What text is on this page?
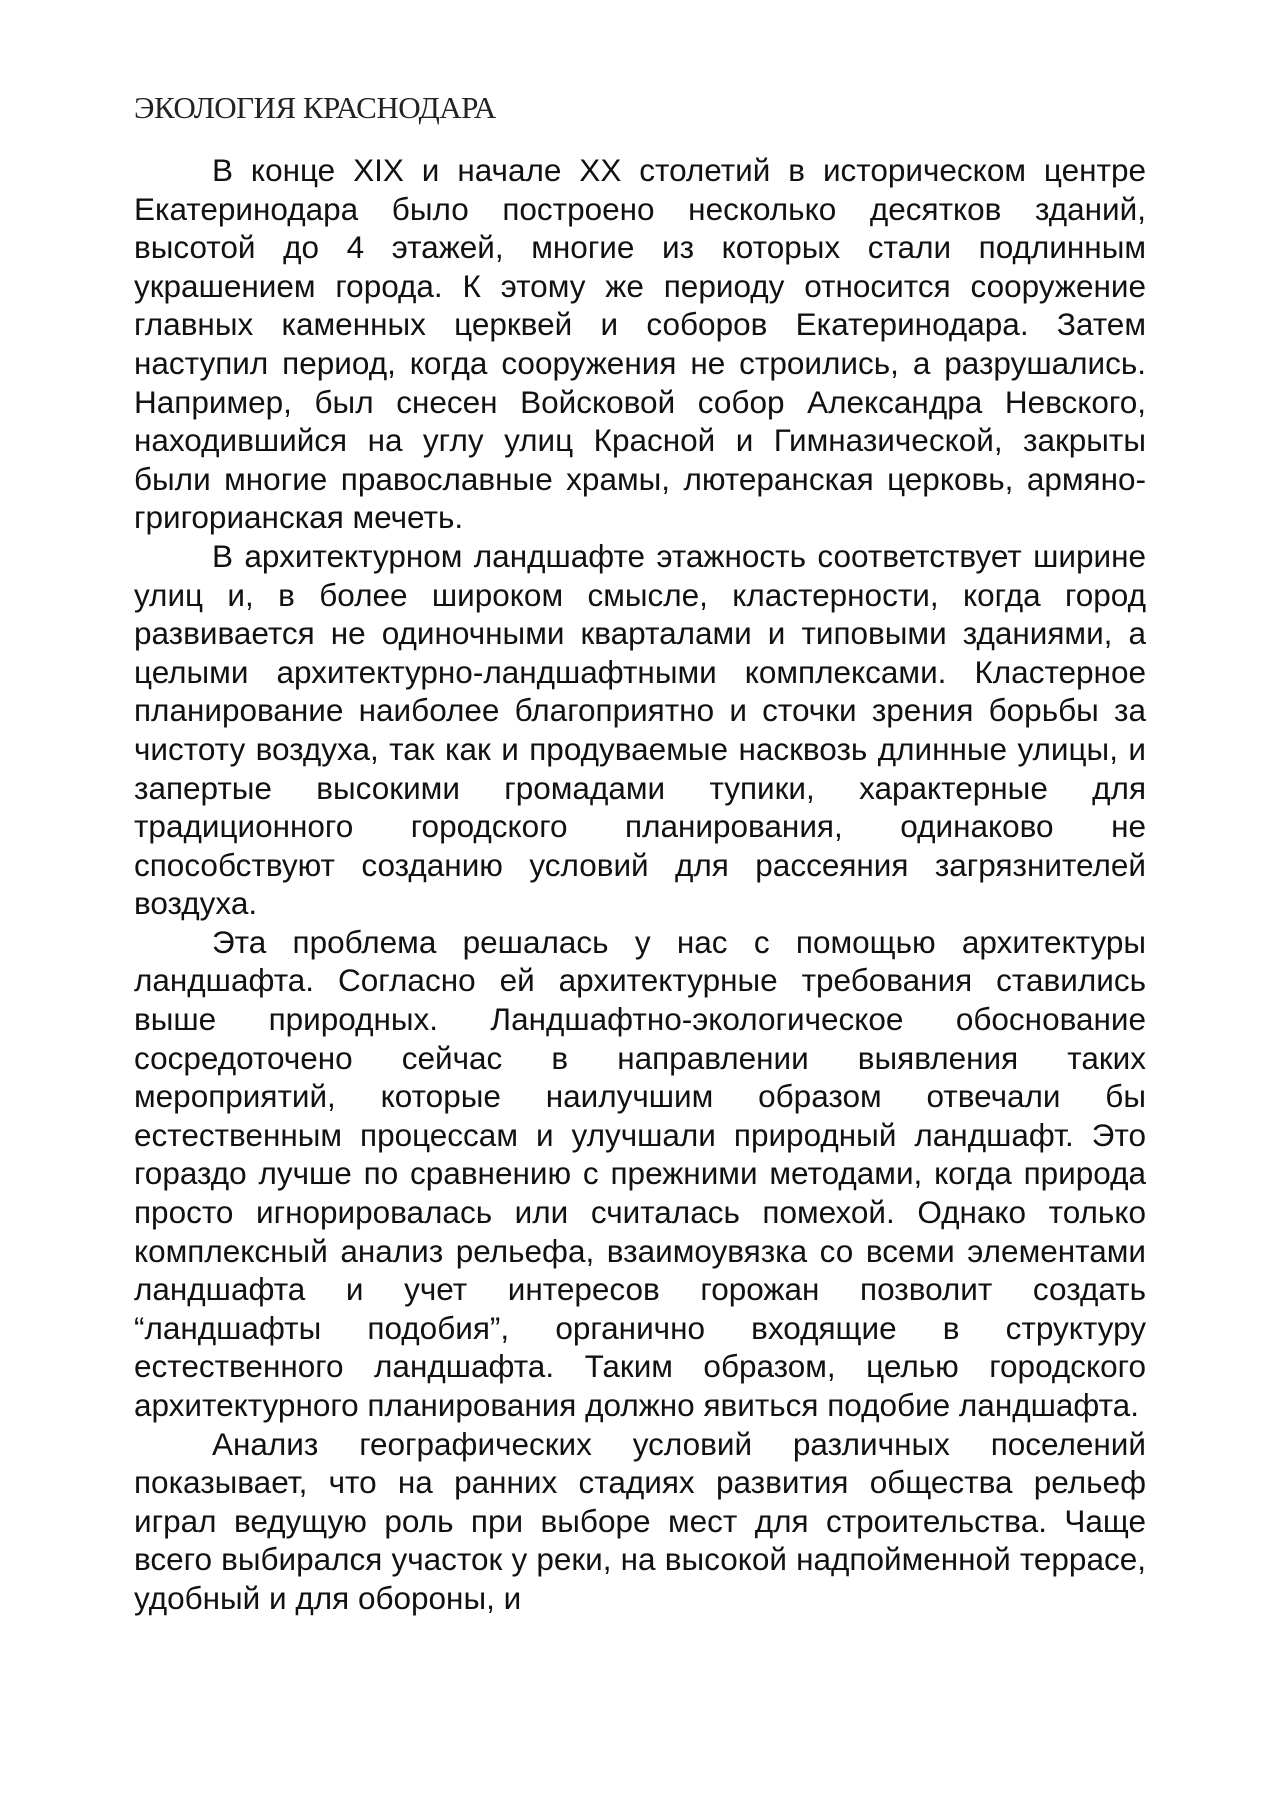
ЭКОЛОГИЯ КРАСНОДАРА

В конце XIX и начале XX столетий в историческом центре Екатеринодара было построено несколько десятков зданий, высотой до 4 этажей, многие из которых стали подлинным украшением города. К этому же периоду относится сооружение главных каменных церквей и соборов Екатеринодара. Затем наступил период, когда сооружения не строились, а разрушались. Например, был снесен Войсковой собор Александра Невского, находившийся на углу улиц Красной и Гимназической, закрыты были многие православные храмы, лютеранская церковь, армяно-григорианская мечеть.

В архитектурном ландшафте этажность соответствует ширине улиц и, в более широком смысле, кластерности, когда город развивается не одиночными кварталами и типовыми зданиями, а целыми архитектурно-ландшафтными комплексами. Кластерное планирование наиболее благоприятно и сточки зрения борьбы за чистоту воздуха, так как и продуваемые насквозь длинные улицы, и запертые высокими громадами тупики, характерные для традиционного городского планирования, одинаково не способствуют созданию условий для рассеяния загрязнителей воздуха.

Эта проблема решалась у нас с помощью архитектуры ландшафта. Согласно ей архитектурные требования ставились выше природных. Ландшафтно-экологическое обоснование сосредоточено сейчас в направлении выявления таких мероприятий, которые наилучшим образом отвечали бы естественным процессам и улучшали природный ландшафт. Это гораздо лучше по сравнению с прежними методами, когда природа просто игнорировалась или считалась помехой. Однако только комплексный анализ рельефа, взаимоувязка со всеми элементами ландшафта и учет интересов горожан позволит создать “ландшафты подобия”, органично входящие в структуру естественного ландшафта. Таким образом, целью городского архитектурного планирования должно явиться подобие ландшафта.

Анализ географических условий различных поселений показывает, что на ранних стадиях развития общества рельеф играл ведущую роль при выборе мест для строительства. Чаще всего выбирался участок у реки, на высокой надпойменной террасе, удобный и для обороны, и
